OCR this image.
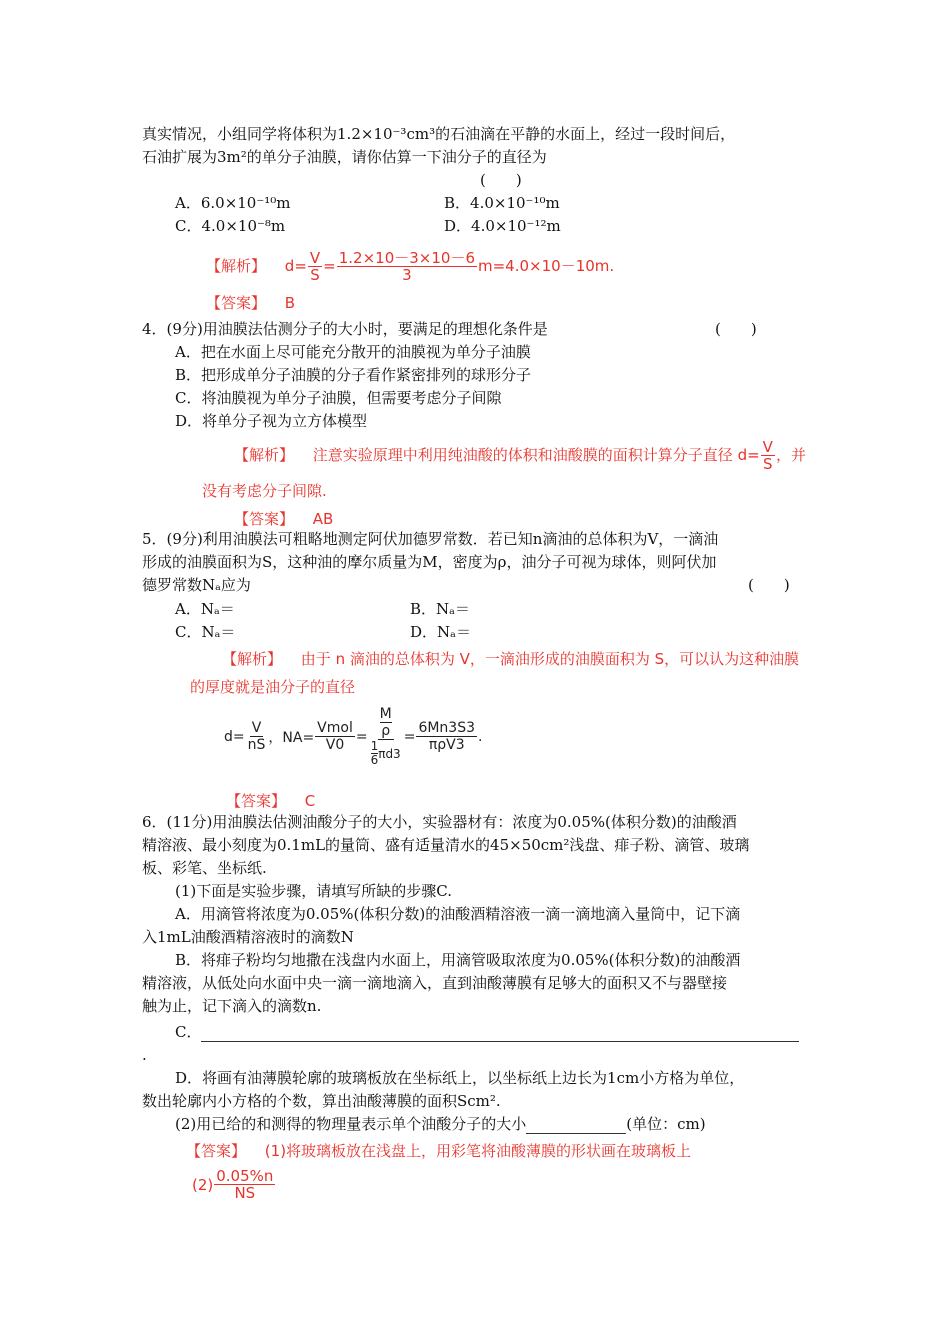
真实情况，小组同学将体积为1.2×10⁻³cm³的石油滴在平静的水面上，经过一段时间后，
石油扩展为3m²的单分子油膜，请你估算一下油分子的直径为
(　　)
A．6.0×10⁻¹⁰m	B．4.0×10⁻¹⁰m
C．4.0×10⁻⁸m	D．4.0×10⁻¹²m
【解析】 $d= \frac{V}{S} = \frac{1.2\times 10-3\times 10-6}{3} m=4.0\times 10-10m$.
【答案】 B
4．(9分)用油膜法估测分子的大小时，要满足的理想化条件是	(　　)
A．把在水面上尽可能充分散开的油膜视为单分子油膜
B．把形成单分子油膜的分子看作紧密排列的球形分子
C．将油膜视为单分子油膜，但需要考虑分子间隙
D．将单分子视为立方体模型
【解析】 注意实验原理中利用纯油酸的体积和油酸膜的面积计算分子直径 $d= \frac{V}{S}$ ，并
没有考虑分子间隙.
【答案】 AB
5．(9分)利用油膜法可粗略地测定阿伏加德罗常数．若已知n滴油的总体积为V，一滴油
形成的油膜面积为S，这种油的摩尔质量为M，密度为ρ，油分子可视为球体，则阿伏加
德罗常数Nₐ应为	(　　)
A．Nₐ＝	B．Nₐ＝
C．Nₐ＝	D．Nₐ＝
【解析】 由于 n 滴油的总体积为 V，一滴油形成的油膜面积为 S，可以认为这种油膜
的厚度就是油分子的直径
$d= \frac{V}{nS}$ ，$NA= \frac{\text{Vmol}}{V0} = M$
ρ
1
6 $\pi d3 = \frac{6Mn3S3}{\text{πρV3}}$ .
【答案】 C
6．(11分)用油膜法估测油酸分子的大小，实验器材有：浓度为0.05%(体积分数)的油酸酒
精溶液、最小刻度为0.1mL的量筒、盛有适量清水的45×50cm²浅盘、痱子粉、滴管、玻璃
板、彩笔、坐标纸.
(1)下面是实验步骤，请填写所缺的步骤C.
A．用滴管将浓度为0.05%(体积分数)的油酸酒精溶液一滴一滴地滴入量筒中，记下滴
入1mL油酸酒精溶液时的滴数N
B．将痱子粉均匀地撒在浅盘内水面上，用滴管吸取浓度为0.05%(体积分数)的油酸酒
精溶液，从低处向水面中央一滴一滴地滴入，直到油酸薄膜有足够大的面积又不与器壁接
触为止，记下滴入的滴数n.
C．
.
D．将画有油薄膜轮廓的玻璃板放在坐标纸上，以坐标纸上边长为1cm小方格为单位，
数出轮廓内小方格的个数，算出油酸薄膜的面积Scm².
(2)用已给的和测得的物理量表示单个油酸分子的大小	(单位：cm)
【答案】 (1)将玻璃板放在浅盘上，用彩笔将油酸薄膜的形状画在玻璃板上
$(2) \frac{0.05\%n}{NS}$
